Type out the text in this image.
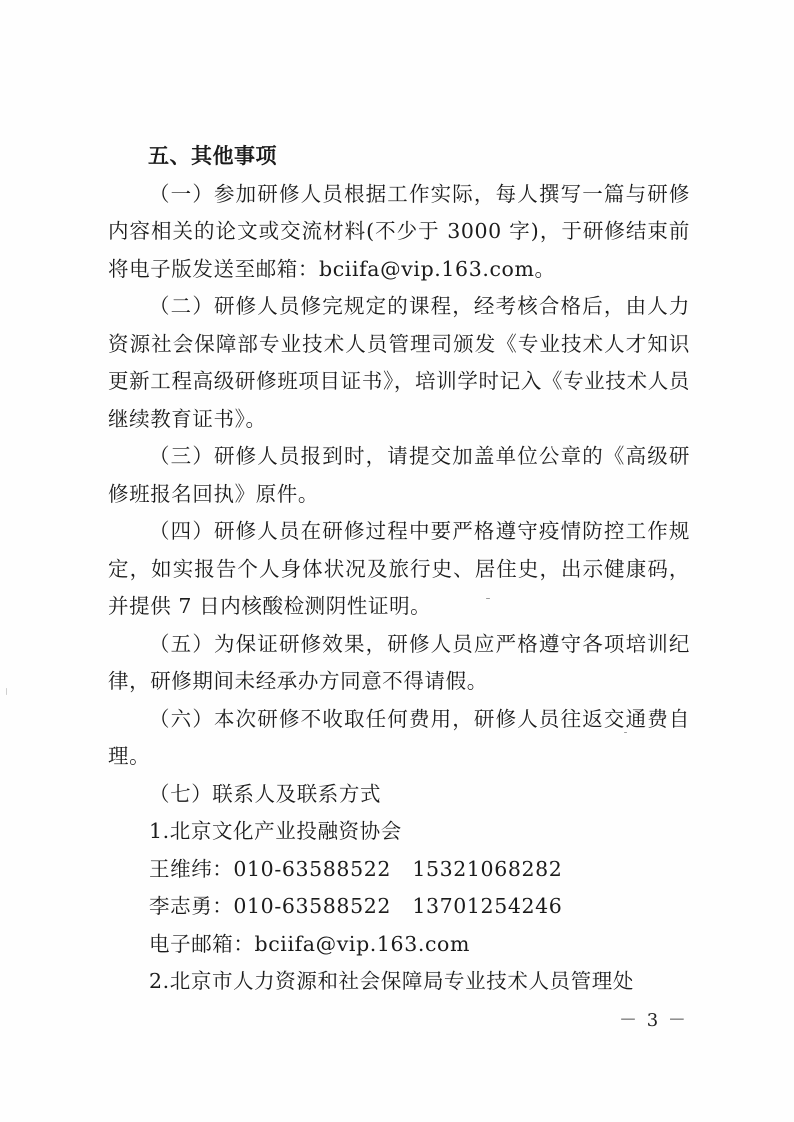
五、其他事项

（一）参加研修人员根据工作实际，每人撰写一篇与研修内容相关的论文或交流材料(不少于 3000 字)，于研修结束前将电子版发送至邮箱：bciifa@vip.163.com。

（二）研修人员修完规定的课程，经考核合格后，由人力资源社会保障部专业技术人员管理司颁发《专业技术人才知识更新工程高级研修班项目证书》，培训学时记入《专业技术人员继续教育证书》。

（三）研修人员报到时，请提交加盖单位公章的《高级研修班报名回执》原件。

（四）研修人员在研修过程中要严格遵守疫情防控工作规定，如实报告个人身体状况及旅行史、居住史，出示健康码，并提供 7 日内核酸检测阴性证明。

（五）为保证研修效果，研修人员应严格遵守各项培训纪律，研修期间未经承办方同意不得请假。

（六）本次研修不收取任何费用，研修人员往返交通费自理。

（七）联系人及联系方式
1.北京文化产业投融资协会
王维纬：010-63588522   15321068282
李志勇：010-63588522   13701254246
电子邮箱：bciifa@vip.163.com
2.北京市人力资源和社会保障局专业技术人员管理处
－ 3 －
